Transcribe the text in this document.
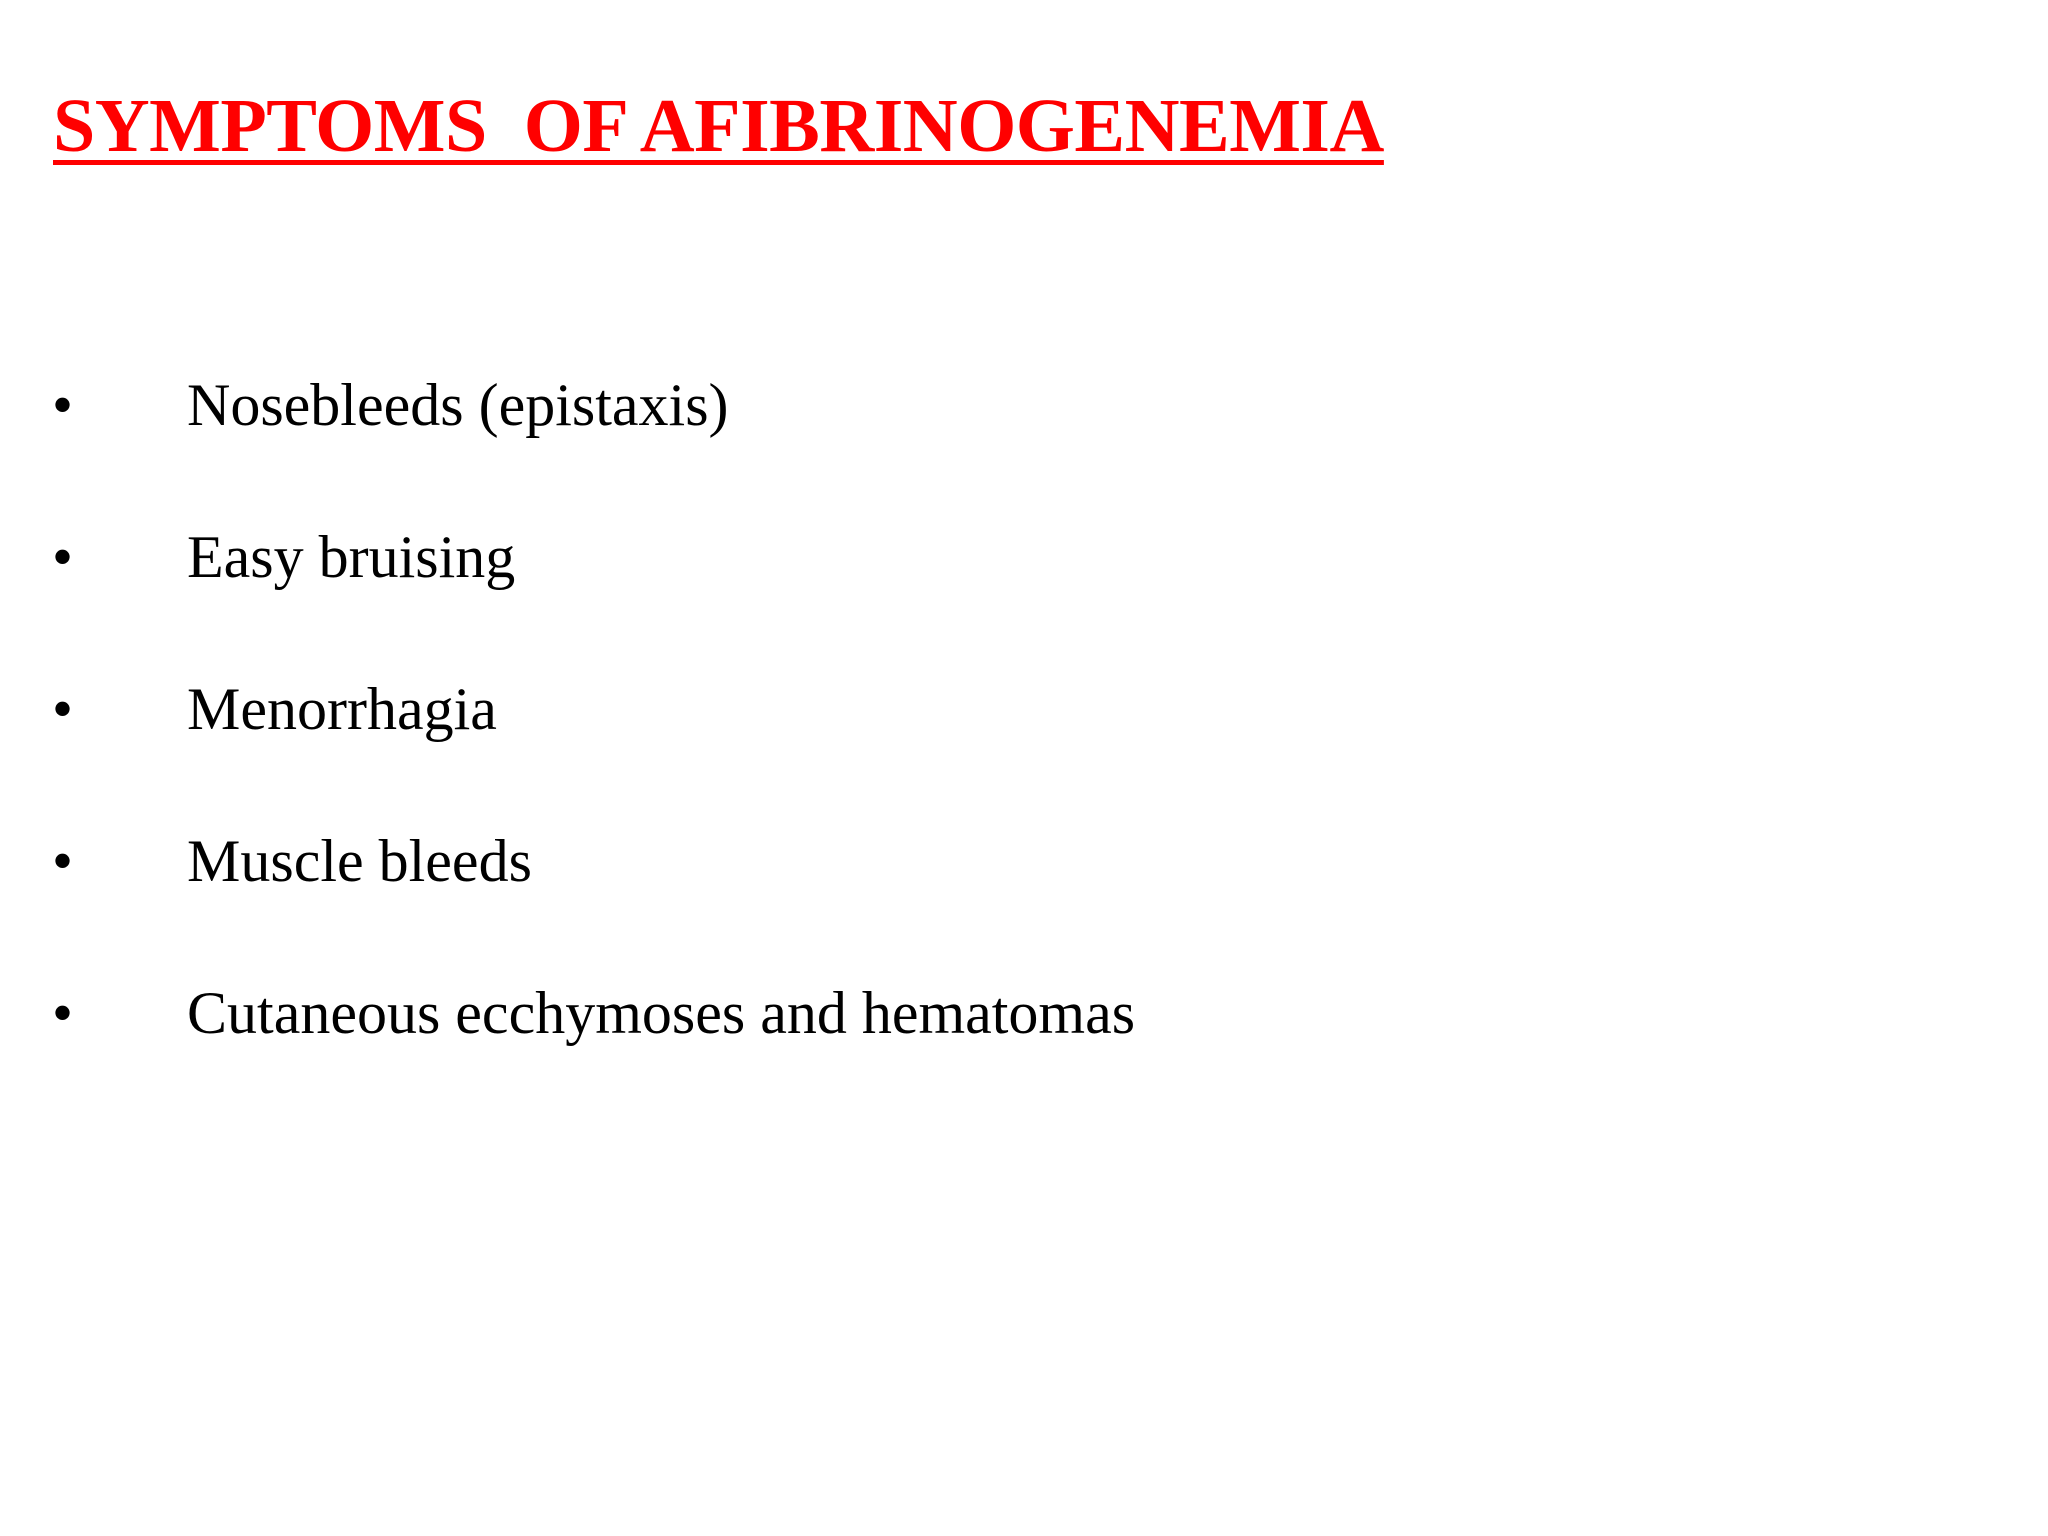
SYMPTOMS  OF AFIBRINOGENEMIA
• Nosebleeds (epistaxis)
• Easy bruising
• Menorrhagia
• Muscle bleeds
• Cutaneous ecchymoses and hematomas
